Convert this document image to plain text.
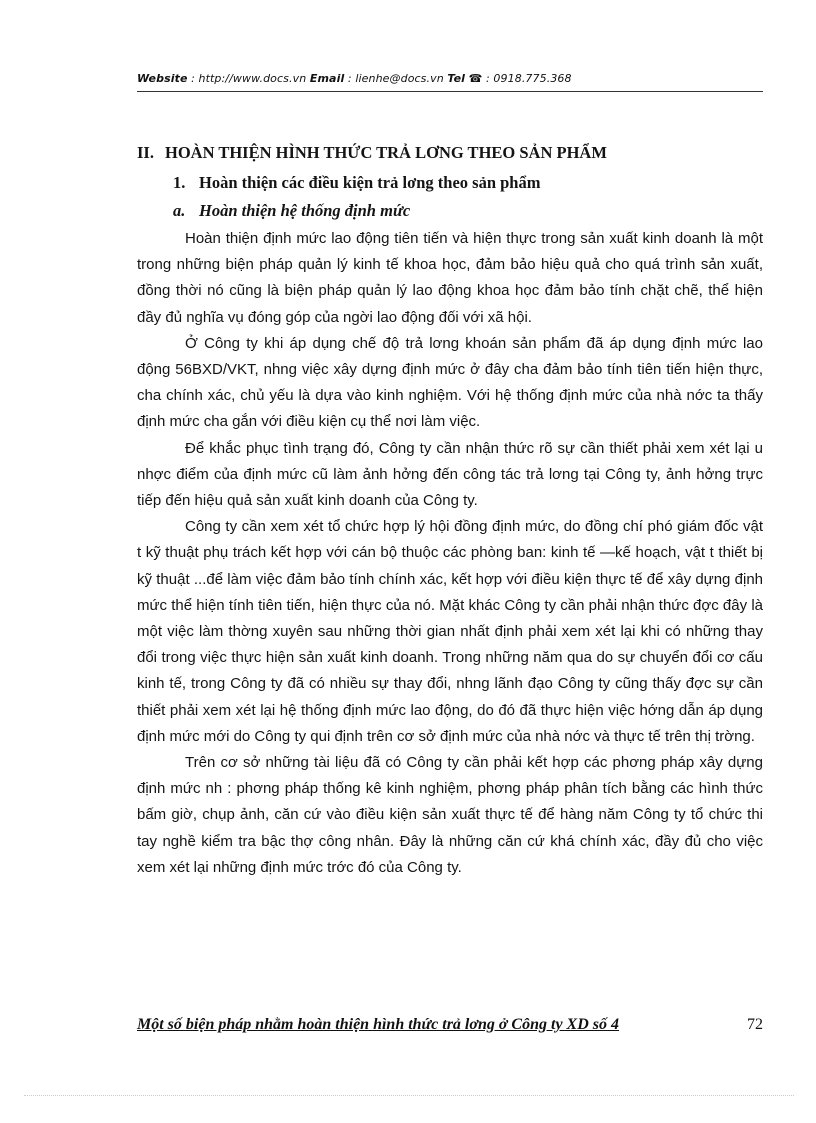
Website : http://www.docs.vn Email : lienhe@docs.vn Tel ☎ : 0918.775.368
II. HOÀN THIỆN HÌNH THỨC TRẢ LƠNG THEO SẢN PHẨM
1. Hoàn thiện các điều kiện trả lơng theo sản phẩm
a. Hoàn thiện hệ thống định mức

Hoàn thiện định mức lao động tiên tiến và hiện thực trong sản xuất kinh doanh là một trong những biện pháp quản lý kinh tế khoa học, đảm bảo hiệu quả cho quá trình sản xuất, đồng thời nó cũng là biện pháp quản lý lao động khoa học đảm bảo tính chặt chẽ, thể hiện đầy đủ nghĩa vụ đóng góp của ngời lao động đối với xã hội.

Ở Công ty khi áp dụng chế độ trả lơng khoán sản phẩm đã áp dụng định mức lao động 56BXD/VKT, nhng việc xây dựng định mức ở đây cha đảm bảo tính tiên tiến hiện thực, cha chính xác, chủ yếu là dựa vào kinh nghiệm. Với hệ thống định mức của nhà nớc ta thấy định mức cha gắn với điều kiện cụ thể nơi làm việc.

Để khắc phục tình trạng đó, Công ty cần nhận thức rõ sự cần thiết phải xem xét lại u nhợc điểm của định mức cũ làm ảnh hởng đến công tác trả lơng tại Công ty, ảnh hởng trực tiếp đến hiệu quả sản xuất kinh doanh của Công ty.

Công ty cần xem xét tổ chức hợp lý hội đồng định mức, do đồng chí phó giám đốc vật t kỹ thuật phụ trách kết hợp với cán bộ thuộc các phòng ban: kinh tế —kế hoạch, vật t thiết bị kỹ thuật ...để làm việc đảm bảo tính chính xác, kết hợp với điều kiện thực tế để xây dựng định mức thể hiện tính tiên tiến, hiện thực của nó. Mặt khác Công ty cần phải nhận thức đợc đây là một việc làm thờng xuyên sau những thời gian nhất định phải xem xét lại khi có những thay đổi trong việc thực hiện sản xuất kinh doanh. Trong những năm qua do sự chuyển đổi cơ cấu kinh tế, trong Công ty đã có nhiều sự thay đổi, nhng lãnh đạo Công ty cũng thấy đợc sự cần thiết phải xem xét lại hệ thống định mức lao động, do đó đã thực hiện việc hớng dẫn áp dụng định mức mới do Công ty qui định trên cơ sở định mức của nhà nớc và thực tế trên thị trờng.

Trên cơ sở những tài liệu đã có Công ty cần phải kết hợp các phơng pháp xây dựng định mức nh : phơng pháp thống kê kinh nghiệm, phơng pháp phân tích bằng các hình thức bấm giờ, chụp ảnh, căn cứ vào điều kiện sản xuất thực tế để hàng năm Công ty tổ chức thi tay nghề kiểm tra bậc thợ công nhân. Đây là những căn cứ khá chính xác, đầy đủ cho việc xem xét lại những định mức trớc đó của Công ty.

Một số biện pháp nhằm hoàn thiện hình thức trả lơng ở Công ty XD số 4	72
